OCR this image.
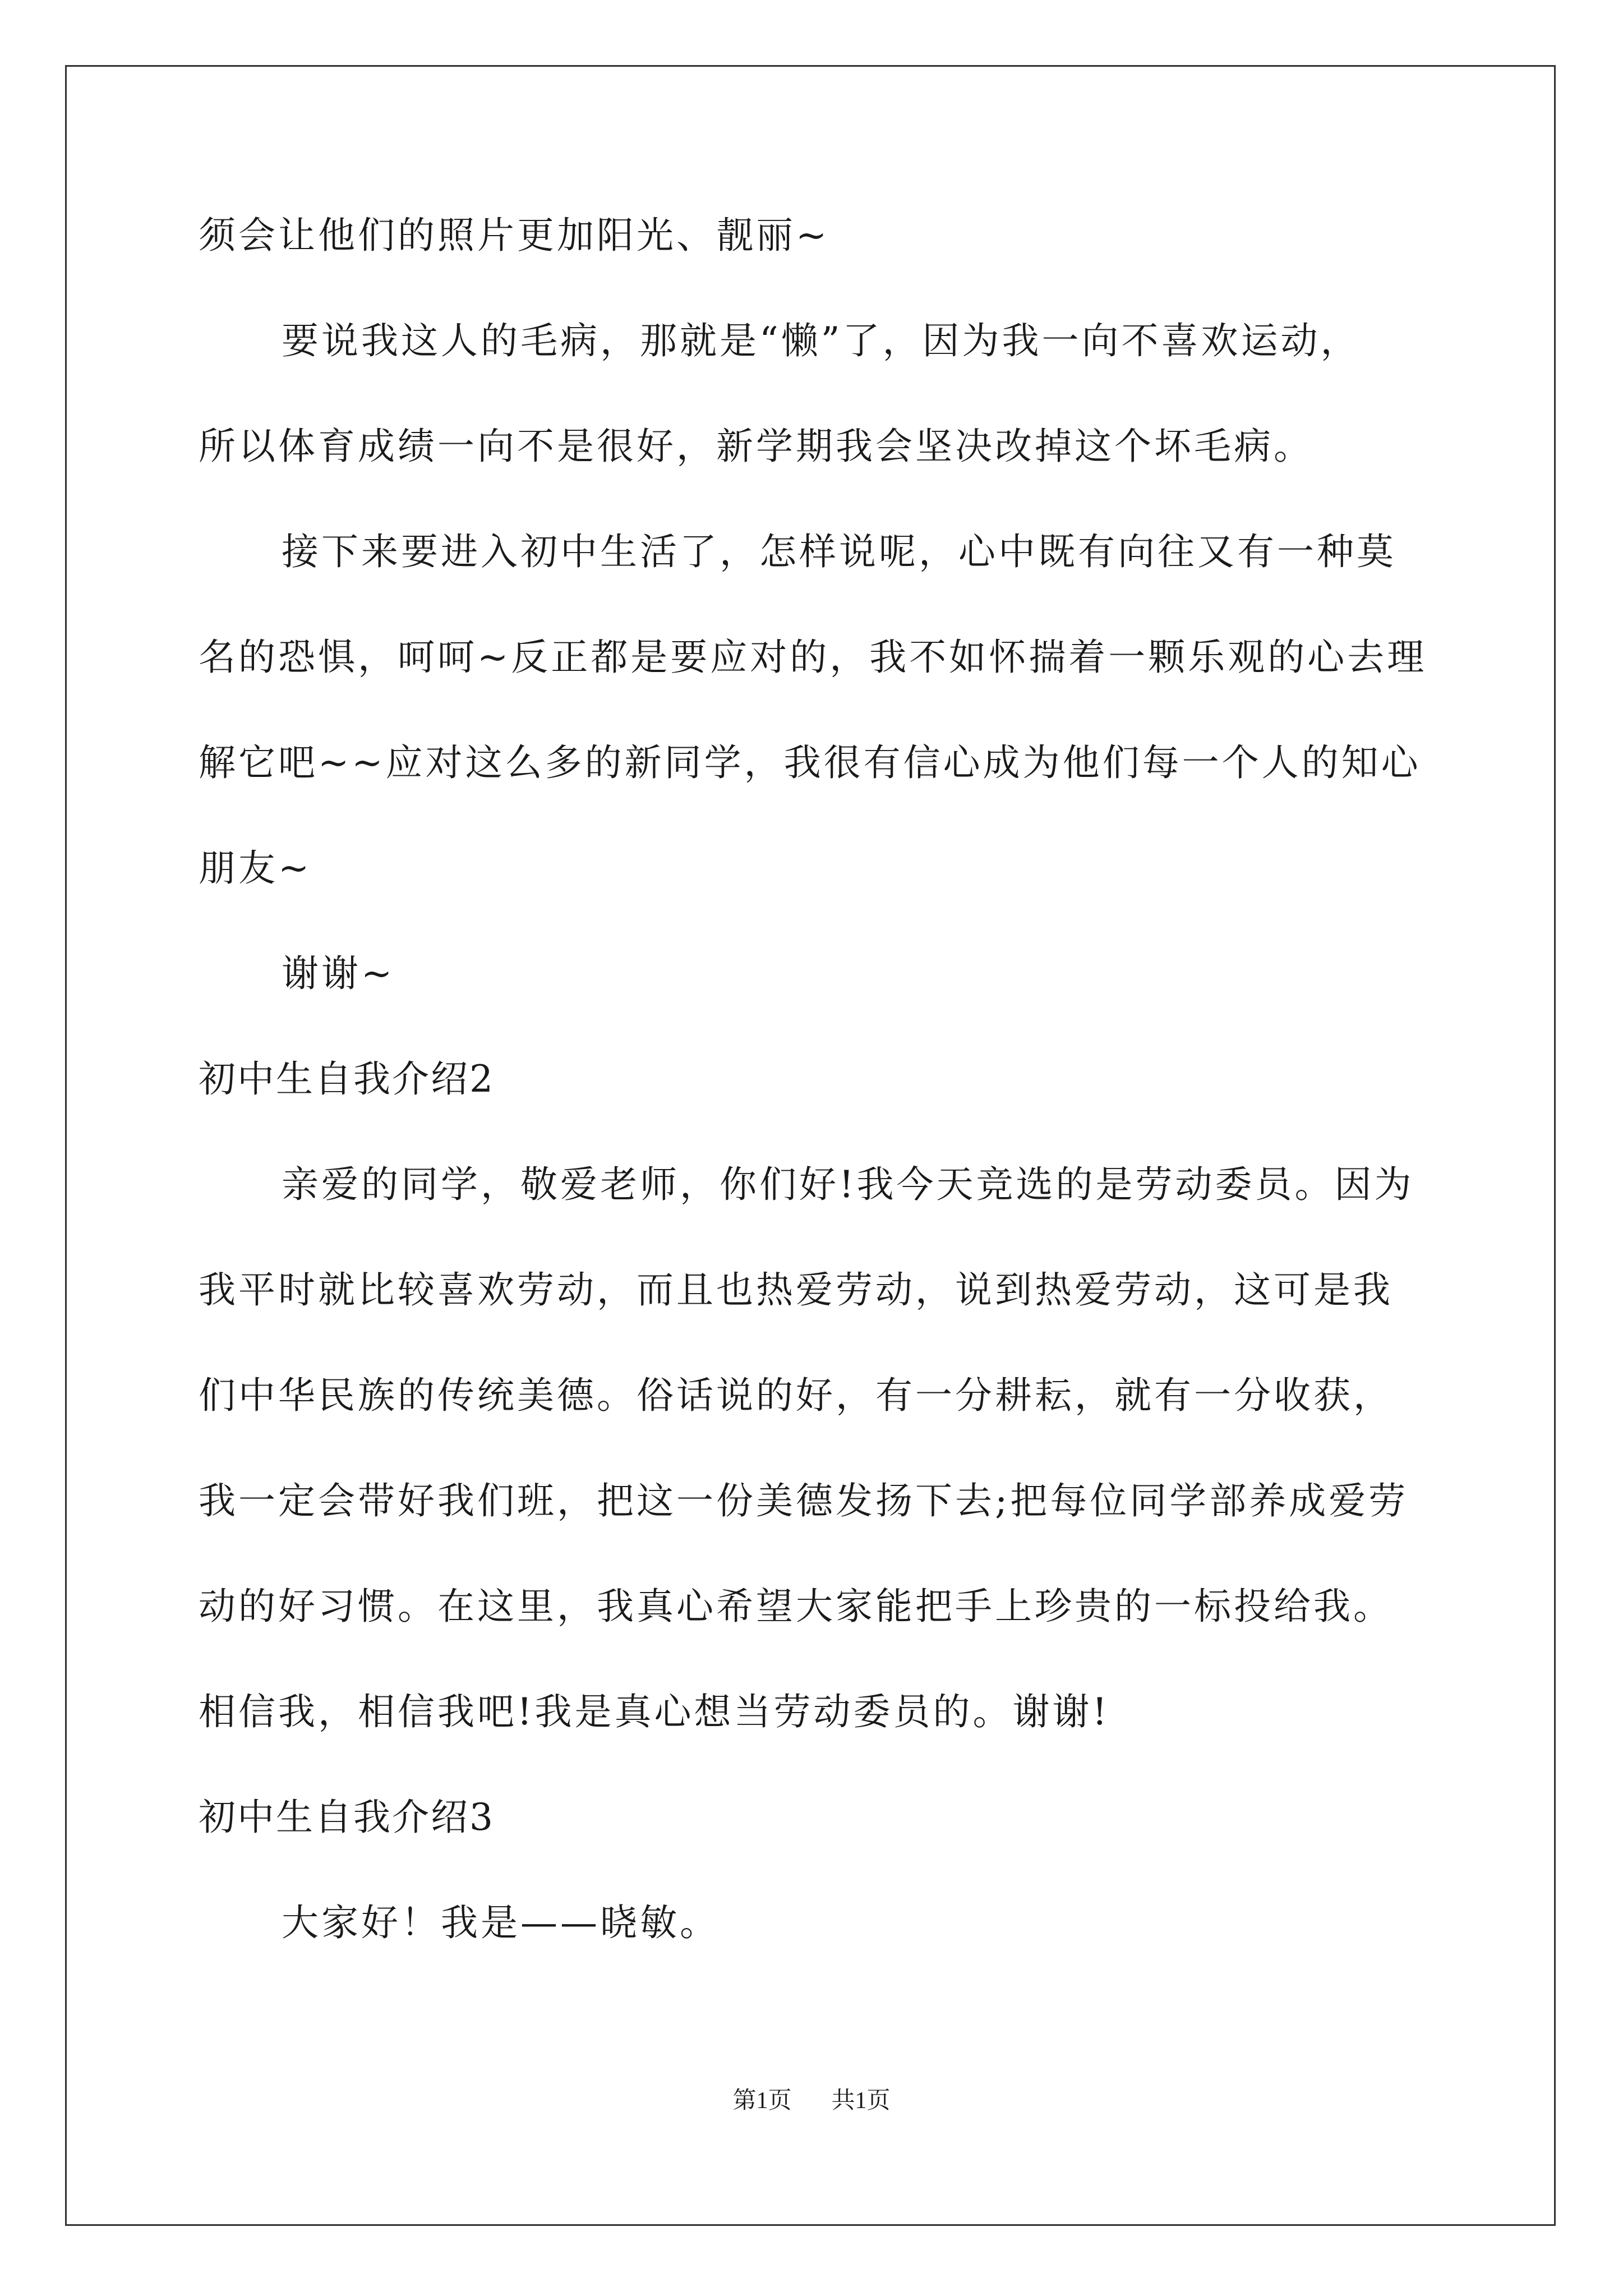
须会让他们的照片更加阳光、靓丽~
要说我这人的毛病，那就是“懒”了，因为我一向不喜欢运动，
所以体育成绩一向不是很好，新学期我会坚决改掉这个坏毛病。
接下来要进入初中生活了，怎样说呢，心中既有向往又有一种莫
名的恐惧，呵呵~反正都是要应对的，我不如怀揣着一颗乐观的心去理
解它吧~~应对这么多的新同学，我很有信心成为他们每一个人的知心
朋友~
谢谢~
初中生自我介绍2
亲爱的同学，敬爱老师，你们好!我今天竞选的是劳动委员。因为
我平时就比较喜欢劳动，而且也热爱劳动，说到热爱劳动，这可是我
们中华民族的传统美德。俗话说的好，有一分耕耘，就有一分收获，
我一定会带好我们班，把这一份美德发扬下去;把每位同学部养成爱劳
动的好习惯。在这里，我真心希望大家能把手上珍贵的一标投给我。
相信我，相信我吧!我是真心想当劳动委员的。谢谢!
初中生自我介绍3
大家好！我是——晓敏。
第1页 共1页
